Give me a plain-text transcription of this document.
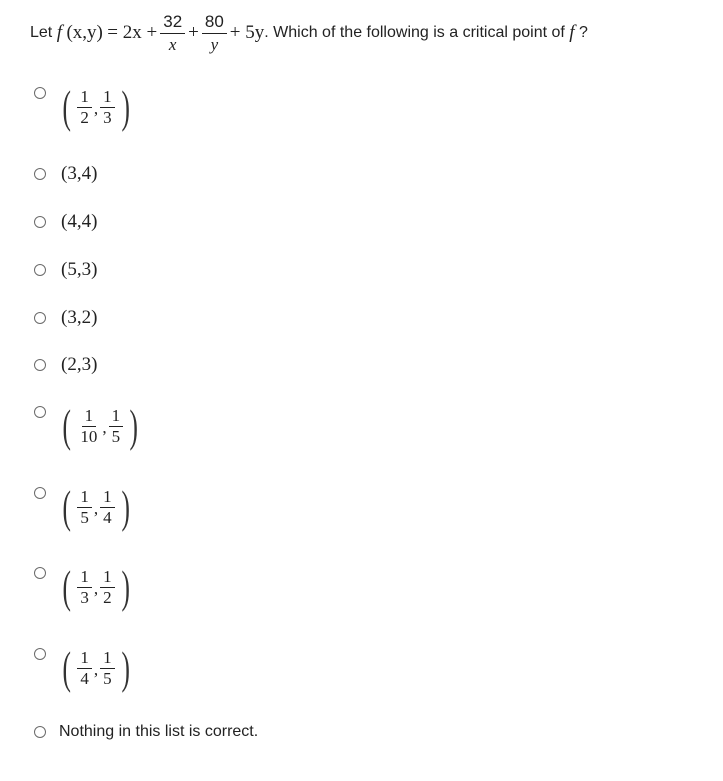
Let
f
(x,y)
= $2x + \frac{32}{x} + \frac{80}{y} + 5y$ . Which of the following is a critical point of
f
?
( $\frac{1}{2}$ , $\frac{1}{3}$ )
(3,4)
(4,4)
(5,3)
(3,2)
(2,3)
( $\frac{1}{10}$ , $\frac{1}{5}$ )
( $\frac{1}{5}$ , $\frac{1}{4}$ )
( $\frac{1}{3}$ , $\frac{1}{2}$ )
( $\frac{1}{4}$ , $\frac{1}{5}$ )
Nothing in this list is correct.
